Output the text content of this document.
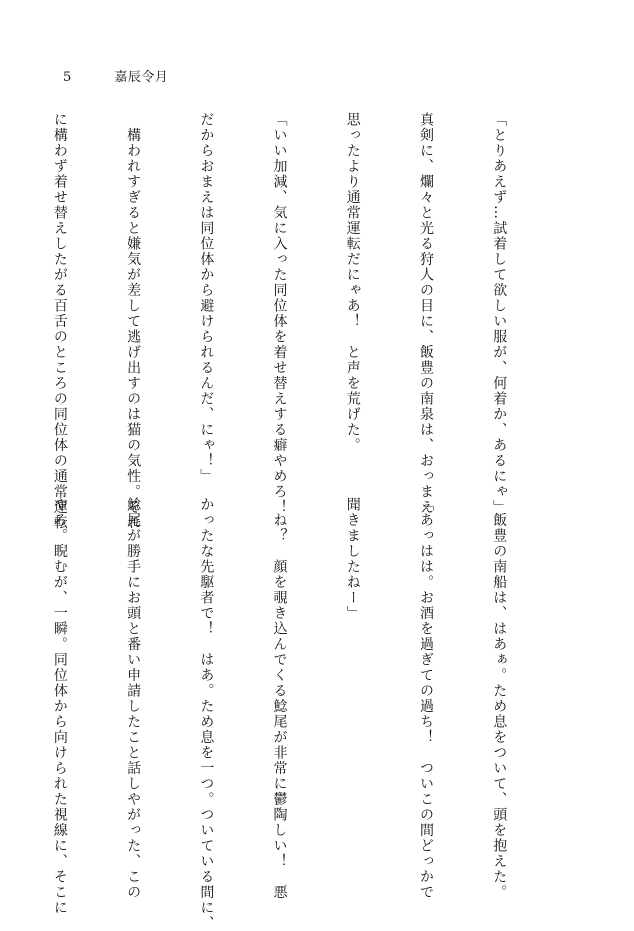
5	嘉辰令月

「とりあえず…試着して欲しい服が、何着か、あるにゃ」

真剣に、爛々と光る狩人の目に、飯豊の南泉は、おっまえ

思ったより通常運転だにゃあ！　と声を荒げた。

「いい加減、気に入った同位体を着せ替えする癖やめろ！

だからおまえは同位体から避けられるんだ、にゃ！」

　構われすぎると嫌気が差して逃げ出すのは猫の気性。それ

に構わず着せ替えしたがる百舌のところの同位体の通常運転

　飯豊の南船は、はあぁ。ため息をついて、頭を抱えた。

「あっはは。お酒を過ぎての過ち！　ついこの間どっかで

聞きましたねー」

　ね？　顔を覗き込んでくる鯰尾が非常に鬱陶しい！　悪

かったな先駆者で！　はあ。ため息を一つ。ついている間に、

鯰尾が勝手にお頭と番い申請したこと話しやがった、この

やろ。睨むが、一瞬。同位体から向けられた視線に、そこに
